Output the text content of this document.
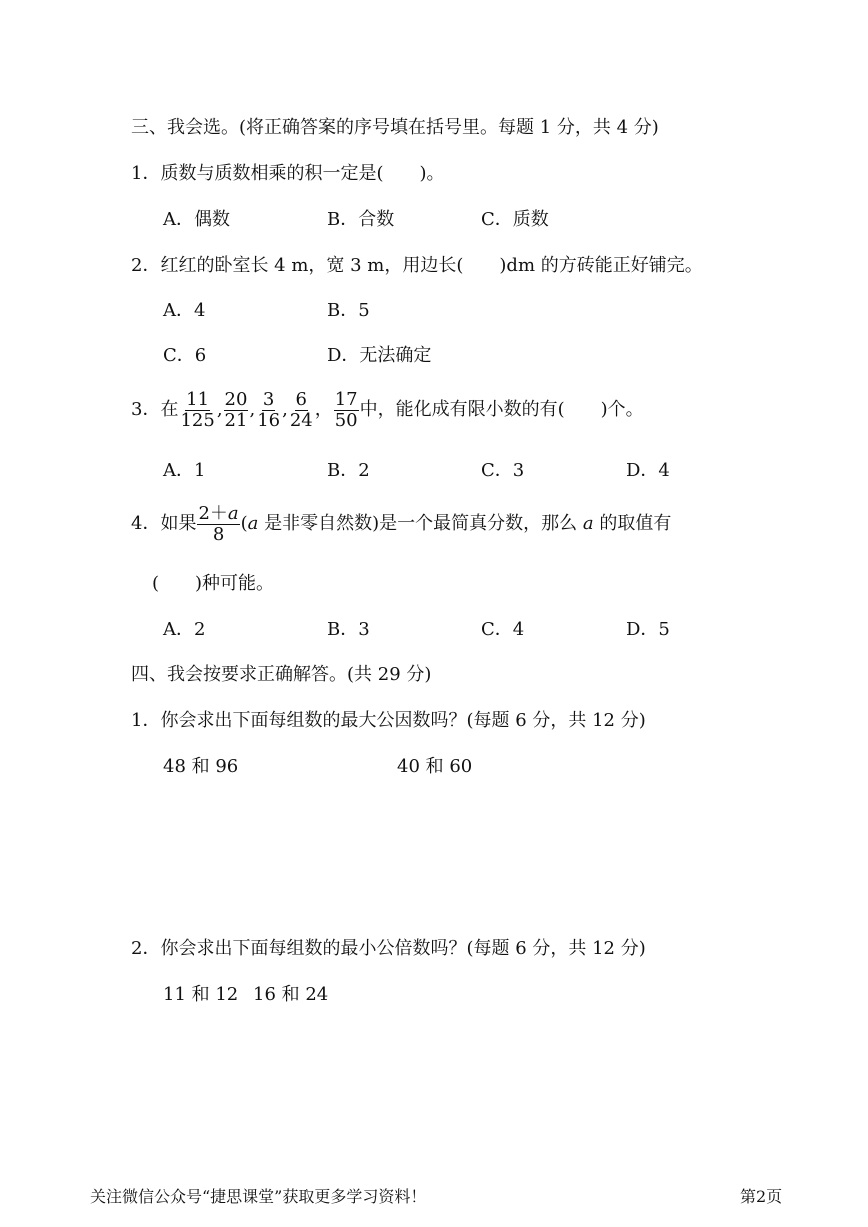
三、我会选。(将正确答案的序号填在括号里。每题 1 分，共 4 分)
1．质数与质数相乘的积一定是(　　)。
A．偶数	B．合数	C．质数
2．红红的卧室长 4 m，宽 3 m，用边长(　　)dm 的方砖能正好铺完。
A．4	B．5
C．6	D．无法确定
3．在 $\frac{11}{125}$ , $\frac{20}{21}$ , $\frac{3}{16}$ , $\frac{6}{24}$ ， $\frac{17}{50}$ 中，能化成有限小数的有(　　)个。
A．1	B．2	C．3	D．4
4．如果 $\frac{2+a}{8} (a$ 是非零自然数)是一个最简真分数，那么 a 的取值有
(　　)种可能。
A．2	B．3	C．4	D．5
四、我会按要求正确解答。(共 29 分)
1．你会求出下面每组数的最大公因数吗？(每题 6 分，共 12 分)
48 和 96	40 和 60
2．你会求出下面每组数的最小公倍数吗？(每题 6 分，共 12 分)
11 和 12 16 和 24
关注微信公众号“捷思课堂”获取更多学习资料！	第2页
